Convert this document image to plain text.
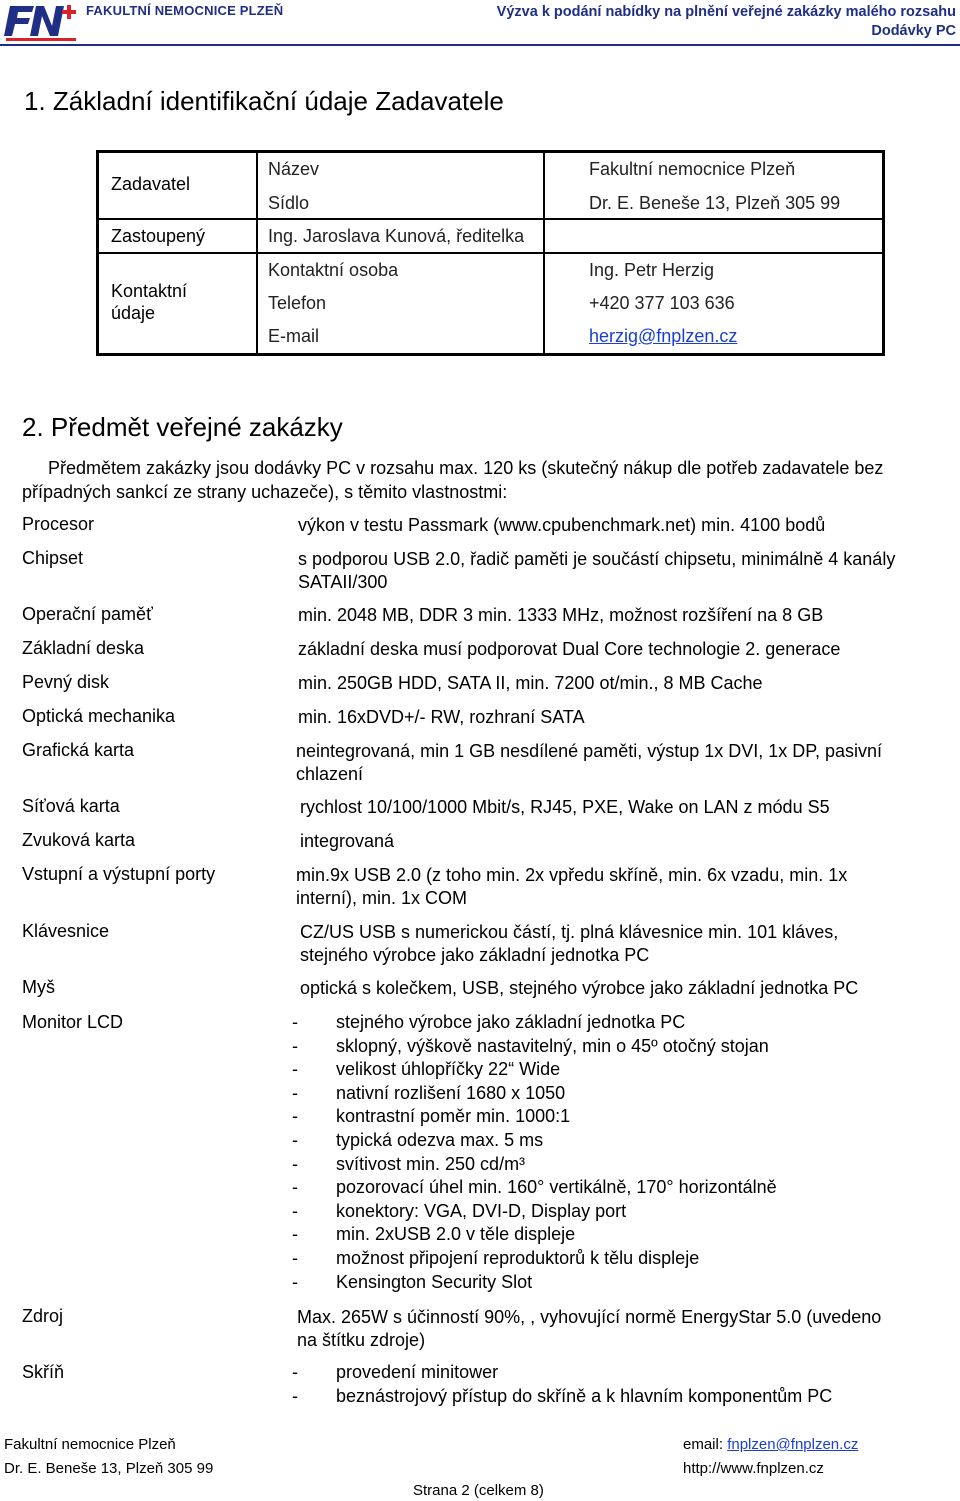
FAKULTNÍ NEMOCNICE PLZEŇ	Výzva k podání nabídky na plnění veřejné zakázky malého rozsahu
Dodávky PC
1. Základní identifikační údaje Zadavatele
Zadavatel
Název	Fakultní nemocnice Plzeň
Sídlo	Dr. E. Beneše 13, Plzeň 305 99
Zastoupený	Ing. Jaroslava Kunová, ředitelka
Kontaktní údaje
Kontaktní osoba	Ing. Petr Herzig
Telefon	+420 377 103 636
E-mail	herzig@fnplzen.cz
2. Předmět veřejné zakázky
Předmětem zakázky jsou dodávky PC v rozsahu max. 120 ks (skutečný nákup dle potřeb zadavatele bez
případných sankcí ze strany uchazeče), s těmito vlastnostmi:
Procesor	výkon v testu Passmark (www.cpubenchmark.net) min. 4100 bodů
Chipset	s podporou USB 2.0, řadič paměti je součástí chipsetu, minimálně 4 kanály SATAII/300
Operační paměť	min. 2048 MB, DDR 3 min. 1333 MHz, možnost rozšíření na 8 GB
Základní deska	základní deska musí podporovat Dual Core technologie 2. generace
Pevný disk	min. 250GB HDD, SATA II, min. 7200 ot/min., 8 MB Cache
Optická mechanika	min. 16xDVD+/- RW, rozhraní SATA
Grafická karta	neintegrovaná, min 1 GB nesdílené paměti, výstup 1x DVI, 1x DP, pasivní chlazení
Síťová karta	rychlost 10/100/1000 Mbit/s, RJ45, PXE, Wake on LAN z módu S5
Zvuková karta	integrovaná
Vstupní a výstupní porty	min.9x USB 2.0 (z toho min. 2x vpředu skříně, min. 6x vzadu, min. 1x interní), min. 1x COM
Klávesnice	CZ/US USB s numerickou částí, tj. plná klávesnice min. 101 kláves, stejného výrobce jako základní jednotka PC
Myš	optická s kolečkem, USB, stejného výrobce jako základní jednotka PC
Monitor LCD	- stejného výrobce jako základní jednotka PC
- sklopný, výškově nastavitelný, min o 45º otočný stojan
- velikost úhlopříčky 22“ Wide
- nativní rozlišení 1680 x 1050
- kontrastní poměr min. 1000:1
- typická odezva max. 5 ms
- svítivost min. 250 cd/m³
- pozorovací úhel min. 160° vertikálně, 170° horizontálně
- konektory: VGA, DVI-D, Display port
- min. 2xUSB 2.0 v těle displeje
- možnost připojení reproduktorů k tělu displeje
- Kensington Security Slot
Zdroj	Max. 265W s účinností 90%, , vyhovující normě EnergyStar 5.0 (uvedeno
na štítku zdroje)
Skříň	- provedení minitower
- beznástrojový přístup do skříně a k hlavním komponentům PC
Fakultní nemocnice Plzeň
Dr. E. Beneše 13, Plzeň 305 99
Strana 2 (celkem 8)
email: fnplzen@fnplzen.cz
http://www.fnplzen.cz
